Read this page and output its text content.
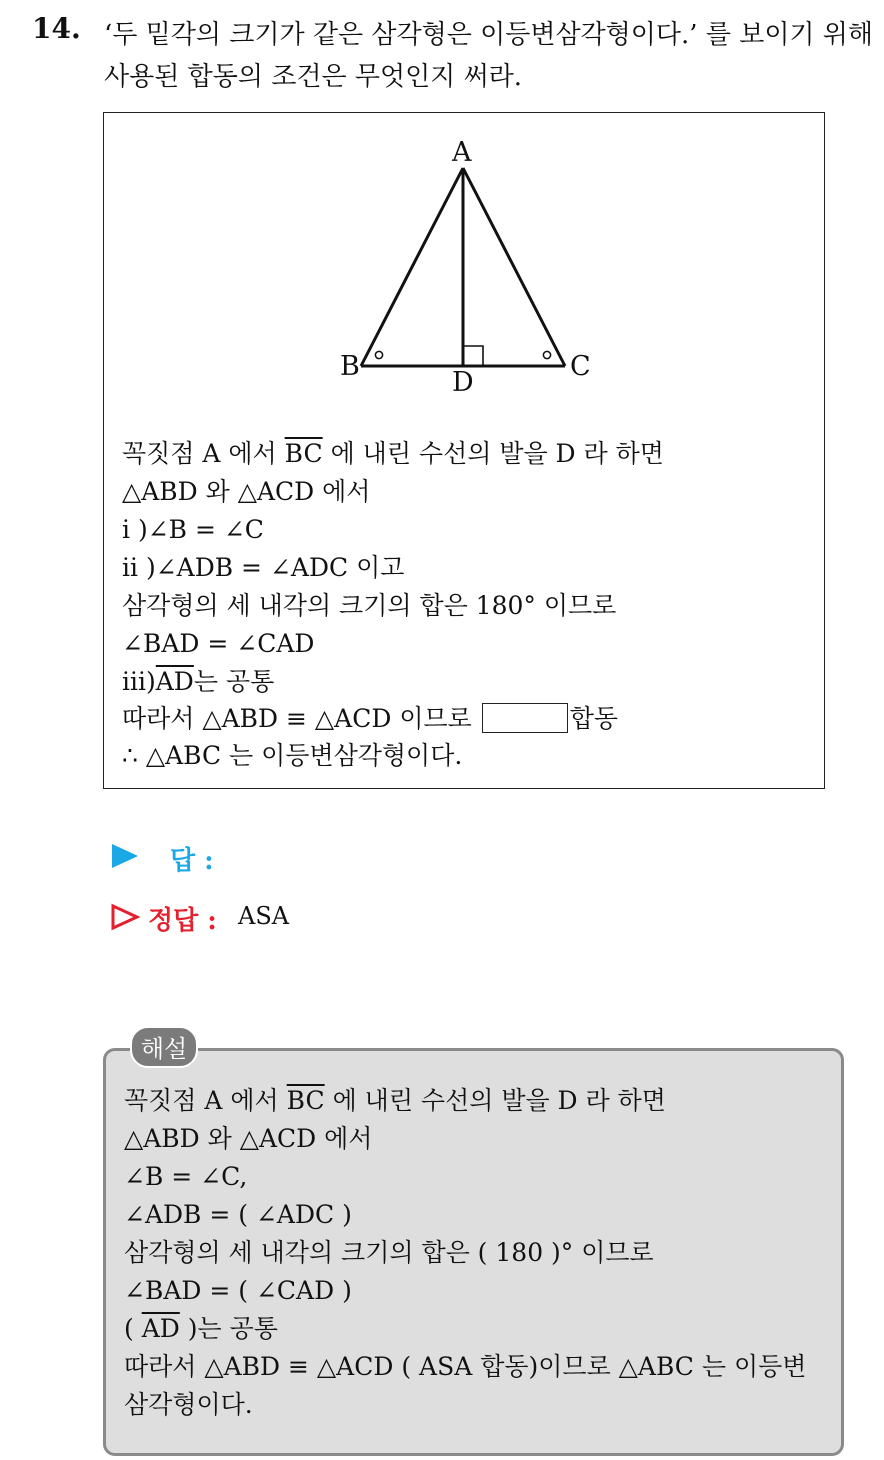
14. ‘두 밑각의 크기가 같은 삼각형은 이등변삼각형이다.’ 를 보이기 위해
사용된 합동의 조건은 무엇인지 써라.
A
B	C
D
꼭짓점 A 에서 $\overline{BC}$ 에 내린 수선의 발을 D 라 하면
△ABD 와 △ACD 에서
i )∠B = ∠C
ii )∠ADB = ∠ADC 이고
삼각형의 세 내각의 크기의 합은 180° 이므로
∠BAD = ∠CAD
$iii)\overline{AD}$는 공통
따라서 △ABD ≡ △ACD 이므로	합동
∴ △ABC 는 이등변삼각형이다.
답 :
정답 : ASA
해설
꼭짓점 A 에서 $\overline{BC}$ 에 내린 수선의 발을 D 라 하면
△ABD 와 △ACD 에서
∠B = ∠C,
∠ADB = ( ∠ADC )
삼각형의 세 내각의 크기의 합은 ( 180 )° 이므로
∠BAD = ( ∠CAD )
( $\overline{AD}$ )는 공통
따라서 △ABD ≡ △ACD ( ASA 합동)이므로 △ABC 는 이등변
삼각형이다.
